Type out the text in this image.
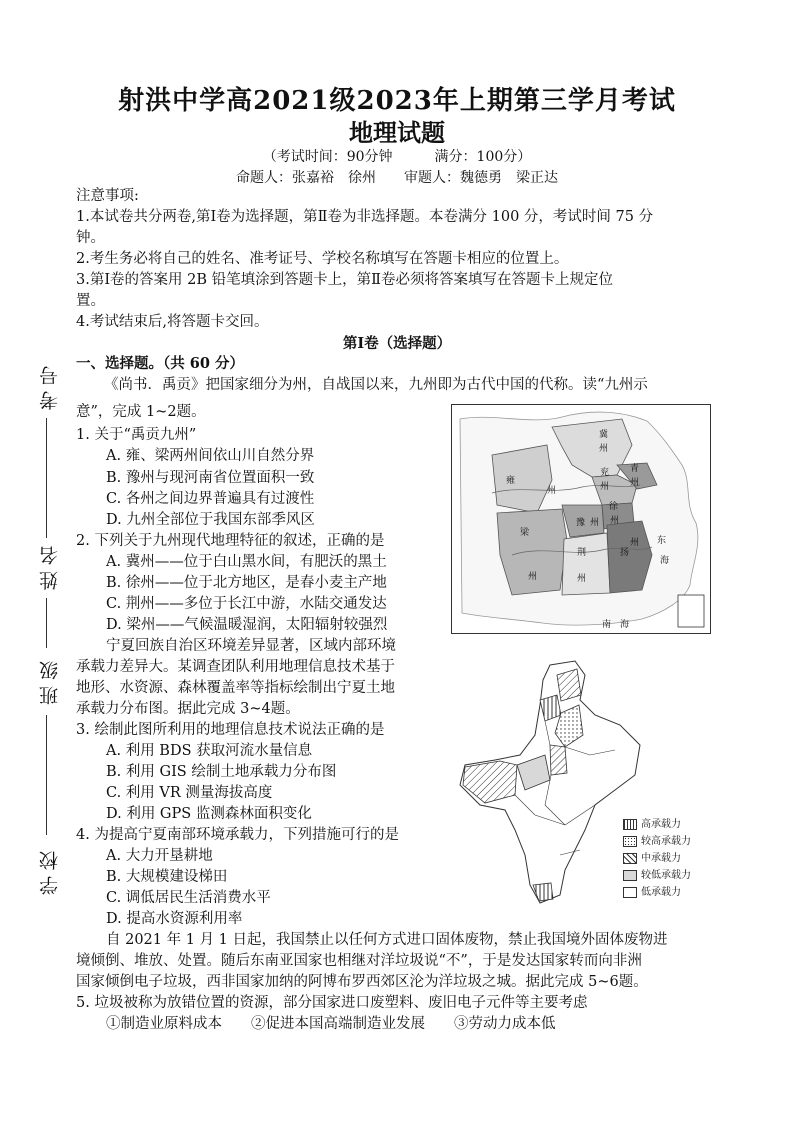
射洪中学高2021级2023年上期第三学月考试
地理试题
（考试时间：90分钟　　　满分：100分）
命题人：张嘉裕　徐州　　审题人：魏德勇　梁正达
注意事项:
1.本试卷共分两卷,第Ⅰ卷为选择题，第Ⅱ卷为非选择题。本卷满分 100 分，考试时间 75 分
钟。
2.考生务必将自己的姓名、准考证号、学校名称填写在答题卡相应的位置上。
3.第Ⅰ卷的答案用 2B 铅笔填涂到答题卡上，第Ⅱ卷必须将答案填写在答题卡上规定位
置。
4.考试结束后,将答题卡交回。
第Ⅰ卷（选择题）
一、选择题。（共 60 分）
考号
姓名
班级
学校
《尚书．禹贡》把国家细分为州，自战国以来，九州即为古代中国的代称。读“九州示
意”，完成 1~2题。
1. 关于“禹贡九州”
A. 雍、梁两州间依山川自然分界
B. 豫州与现河南省位置面积一致
C. 各州之间边界普遍具有过渡性
D. 九州全部位于我国东部季风区
2. 下列关于九州现代地理特征的叙述，正确的是
A. 冀州——位于白山黑水间，有肥沃的黑土
B. 徐州——位于北方地区，是春小麦主产地
C. 荆州——多位于长江中游，水陆交通发达
D. 梁州——气候温暖湿润，太阳辐射较强烈
宁夏回族自治区环境差异显著，区域内部环境
承载力差异大。某调查团队利用地理信息技术基于
地形、水资源、森林覆盖率等指标绘制出宁夏土地
承载力分布图。据此完成 3~4题。
3. 绘制此图所利用的地理信息技术说法正确的是
A. 利用 BDS 获取河流水量信息
B. 利用 GIS 绘制土地承载力分布图
C. 利用 VR 测量海拔高度
D. 利用 GPS 监测森林面积变化
4. 为提高宁夏南部环境承载力，下列措施可行的是
A. 大力开垦耕地
B. 大规模建设梯田
C. 调低居民生活消费水平
D. 提高水资源利用率
自 2021 年 1 月 1 日起，我国禁止以任何方式进口固体废物，禁止我国境外固体废物进
境倾倒、堆放、处置。随后东南亚国家也相继对洋垃圾说“不”，于是发达国家转而向非洲
国家倾倒电子垃圾，西非国家加纳的阿博布罗西郊区沦为洋垃圾之城。据此完成 5~6题。
5. 垃圾被称为放错位置的资源，部分国家进口废塑料、废旧电子元件等主要考虑
①制造业原料成本　　②促进本国高端制造业发展　　③劳动力成本低
冀
州
兖
州
青
州
雍
州
豫 州
徐
州
梁
荆
州
州
扬
州 东
海
南 海
高承载力
较高承载力
中承载力
较低承载力
低承载力
